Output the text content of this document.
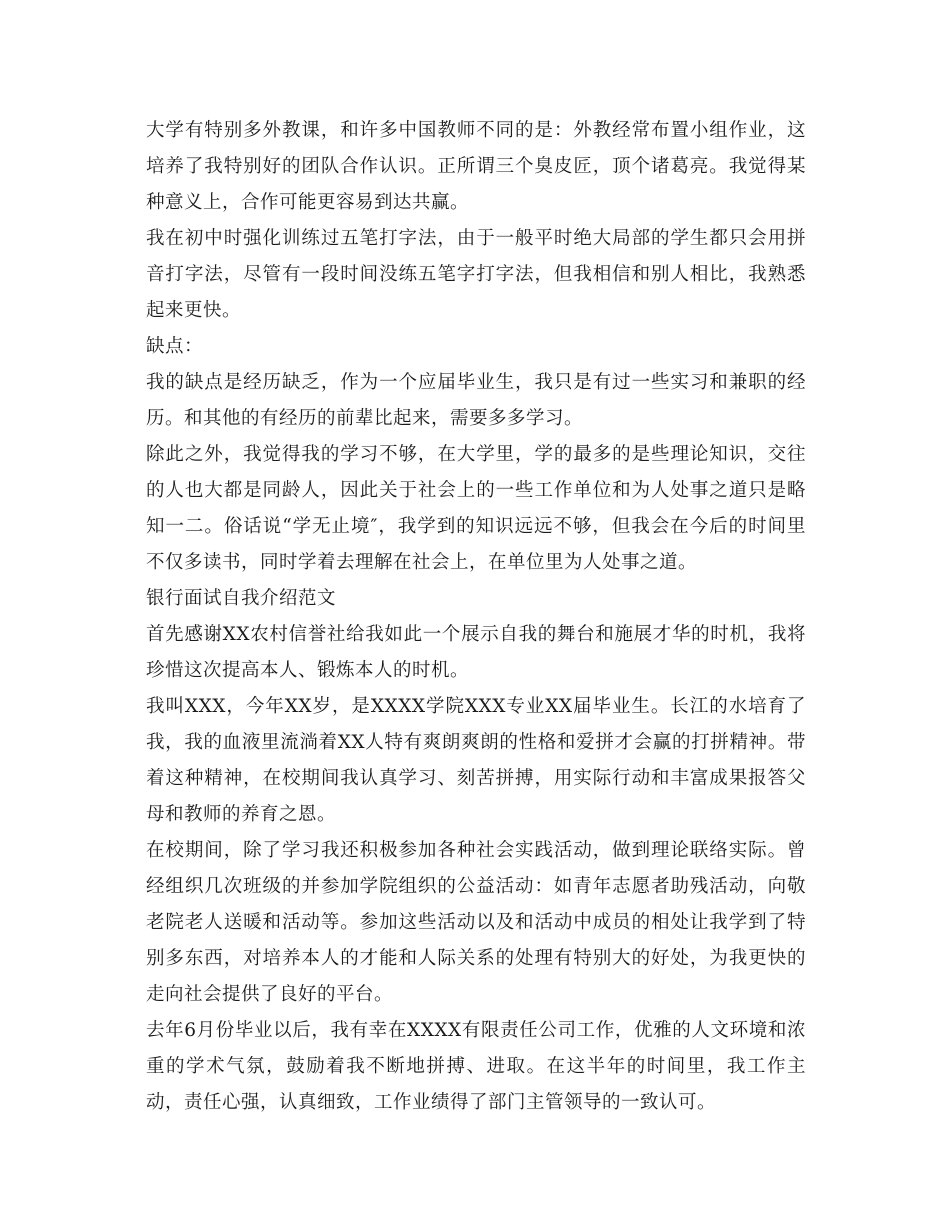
大学有特别多外教课，和许多中国教师不同的是：外教经常布置小组作业，这培养了我特别好的团队合作认识。正所谓三个臭皮匠，顶个诸葛亮。我觉得某种意义上，合作可能更容易到达共赢。

我在初中时强化训练过五笔打字法，由于一般平时绝大局部的学生都只会用拼音打字法，尽管有一段时间没练五笔字打字法，但我相信和别人相比，我熟悉起来更快。

缺点：

我的缺点是经历缺乏，作为一个应届毕业生，我只是有过一些实习和兼职的经历。和其他的有经历的前辈比起来，需要多多学习。

除此之外，我觉得我的学习不够，在大学里，学的最多的是些理论知识，交往的人也大都是同龄人，因此关于社会上的一些工作单位和为人处事之道只是略知一二。俗话说“学无止境″，我学到的知识远远不够，但我会在今后的时间里不仅多读书，同时学着去理解在社会上，在单位里为人处事之道。

银行面试自我介绍范文

首先感谢XX农村信誉社给我如此一个展示自我的舞台和施展才华的时机，我将珍惜这次提高本人、锻炼本人的时机。

我叫XXX，今年XX岁，是XXXX学院XXX专业XX届毕业生。长江的水培育了我，我的血液里流淌着XX人特有爽朗爽朗的性格和爱拼才会赢的打拼精神。带着这种精神，在校期间我认真学习、刻苦拼搏，用实际行动和丰富成果报答父母和教师的养育之恩。

在校期间，除了学习我还积极参加各种社会实践活动，做到理论联络实际。曾经组织几次班级的并参加学院组织的公益活动：如青年志愿者助残活动，向敬老院老人送暖和活动等。参加这些活动以及和活动中成员的相处让我学到了特别多东西，对培养本人的才能和人际关系的处理有特别大的好处，为我更快的走向社会提供了良好的平台。

去年6月份毕业以后，我有幸在XXXX有限责任公司工作，优雅的人文环境和浓重的学术气氛，鼓励着我不断地拼搏、进取。在这半年的时间里，我工作主动，责任心强，认真细致，工作业绩得了部门主管领导的一致认可。
